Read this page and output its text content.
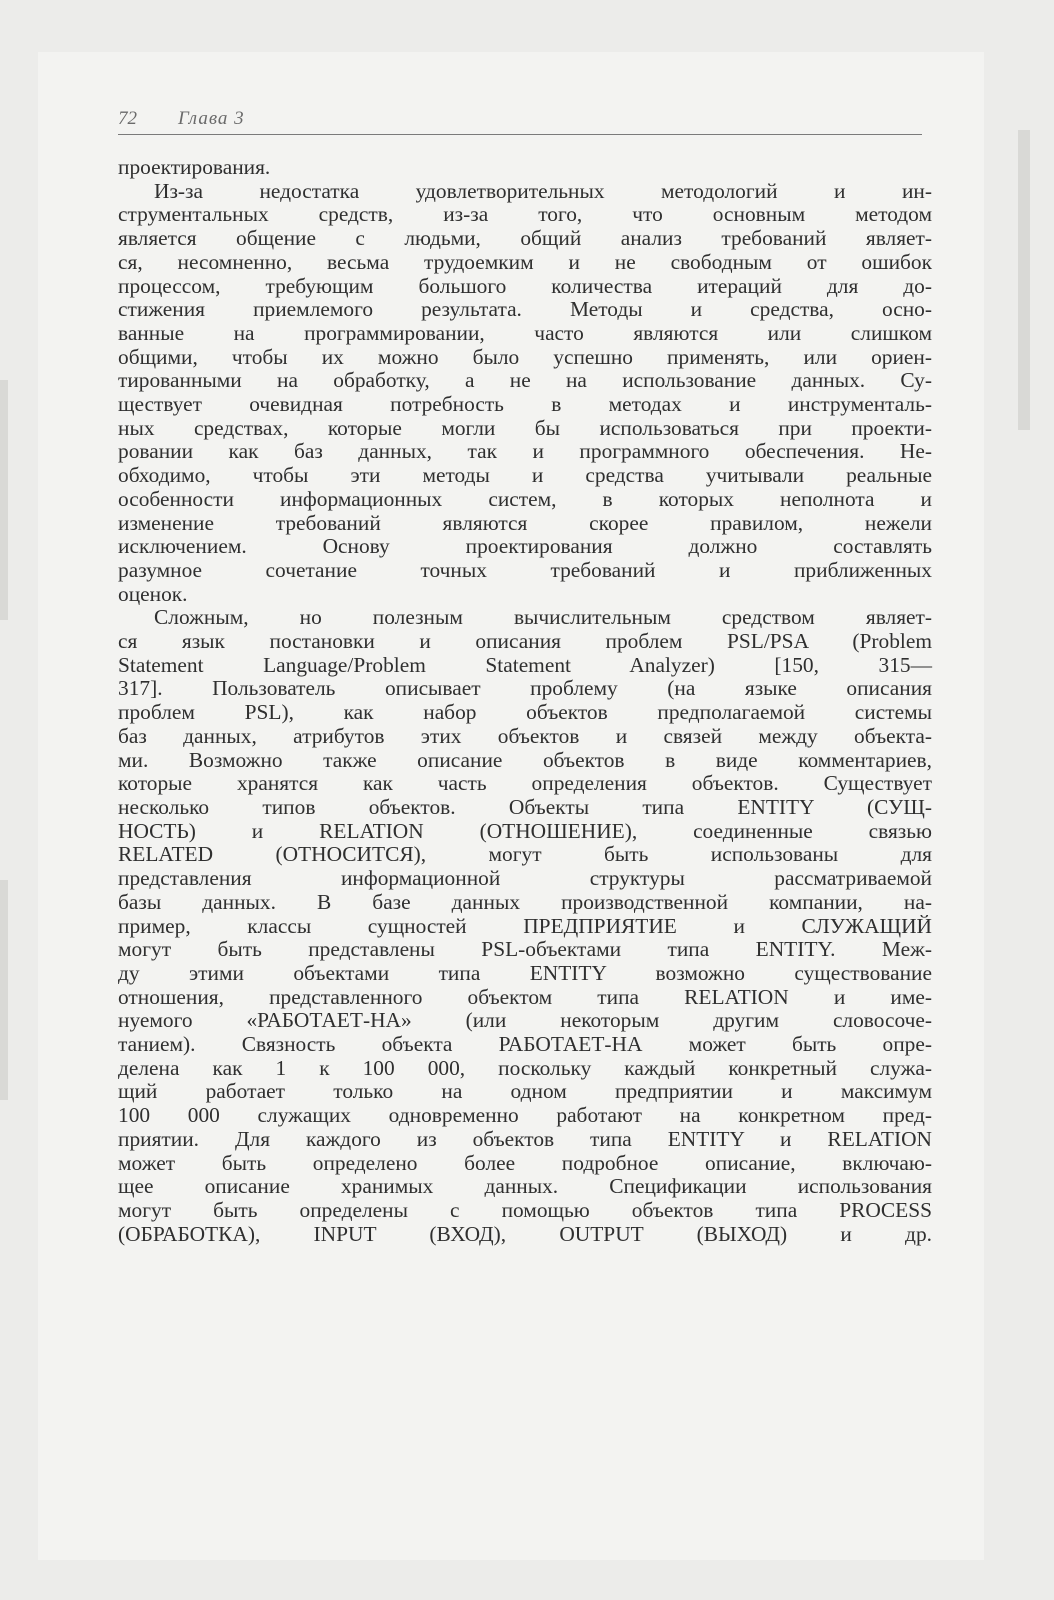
72 Глава 3

проектирования.

Из-за недостатка удовлетворительных методологий и ин-

струментальных средств, из-за того, что основным методом

является общение с людьми, общий анализ требований являет-

ся, несомненно, весьма трудоемким и не свободным от ошибок

процессом, требующим большого количества итераций для до-

стижения приемлемого результата. Методы и средства, осно-

ванные на программировании, часто являются или слишком

общими, чтобы их можно было успешно применять, или ориен-

тированными на обработку, а не на использование данных. Су-

ществует очевидная потребность в методах и инструменталь-

ных средствах, которые могли бы использоваться при проекти-

ровании как баз данных, так и программного обеспечения. Не-

обходимо, чтобы эти методы и средства учитывали реальные

особенности информационных систем, в которых неполнота и

изменение требований являются скорее правилом, нежели

исключением. Основу проектирования должно составлять

разумное сочетание точных требований и приближенных

оценок.

Сложным, но полезным вычислительным средством являет-

ся язык постановки и описания проблем PSL/PSA (Problem

Statement Language/Problem Statement Analyzer) [150, 315—

317]. Пользователь описывает проблему (на языке описания

проблем PSL), как набор объектов предполагаемой системы

баз данных, атрибутов этих объектов и связей между объекта-

ми. Возможно также описание объектов в виде комментариев,

которые хранятся как часть определения объектов. Существует

несколько типов объектов. Объекты типа ENTITY (СУЩ-

НОСТЬ) и RELATION (ОТНОШЕНИЕ), соединенные связью

RELATED (ОТНОСИТСЯ), могут быть использованы для

представления информационной структуры рассматриваемой

базы данных. В базе данных производственной компании, на-

пример, классы сущностей ПРЕДПРИЯТИЕ и СЛУЖАЩИЙ

могут быть представлены PSL-объектами типа ENTITY. Меж-

ду этими объектами типа ENTITY возможно существование

отношения, представленного объектом типа RELATION и име-

нуемого «РАБОТАЕТ-НА» (или некоторым другим словосоче-

танием). Связность объекта РАБОТАЕТ-НА может быть опре-

делена как 1 к 100 000, поскольку каждый конкретный служа-

щий работает только на одном предприятии и максимум

100 000 служащих одновременно работают на конкретном пред-

приятии. Для каждого из объектов типа ENTITY и RELATION

может быть определено более подробное описание, включаю-

щее описание хранимых данных. Спецификации использования

могут быть определены с помощью объектов типа PROCESS

(ОБРАБОТКА), INPUT (ВХОД), OUTPUT (ВЫХОД) и др.
